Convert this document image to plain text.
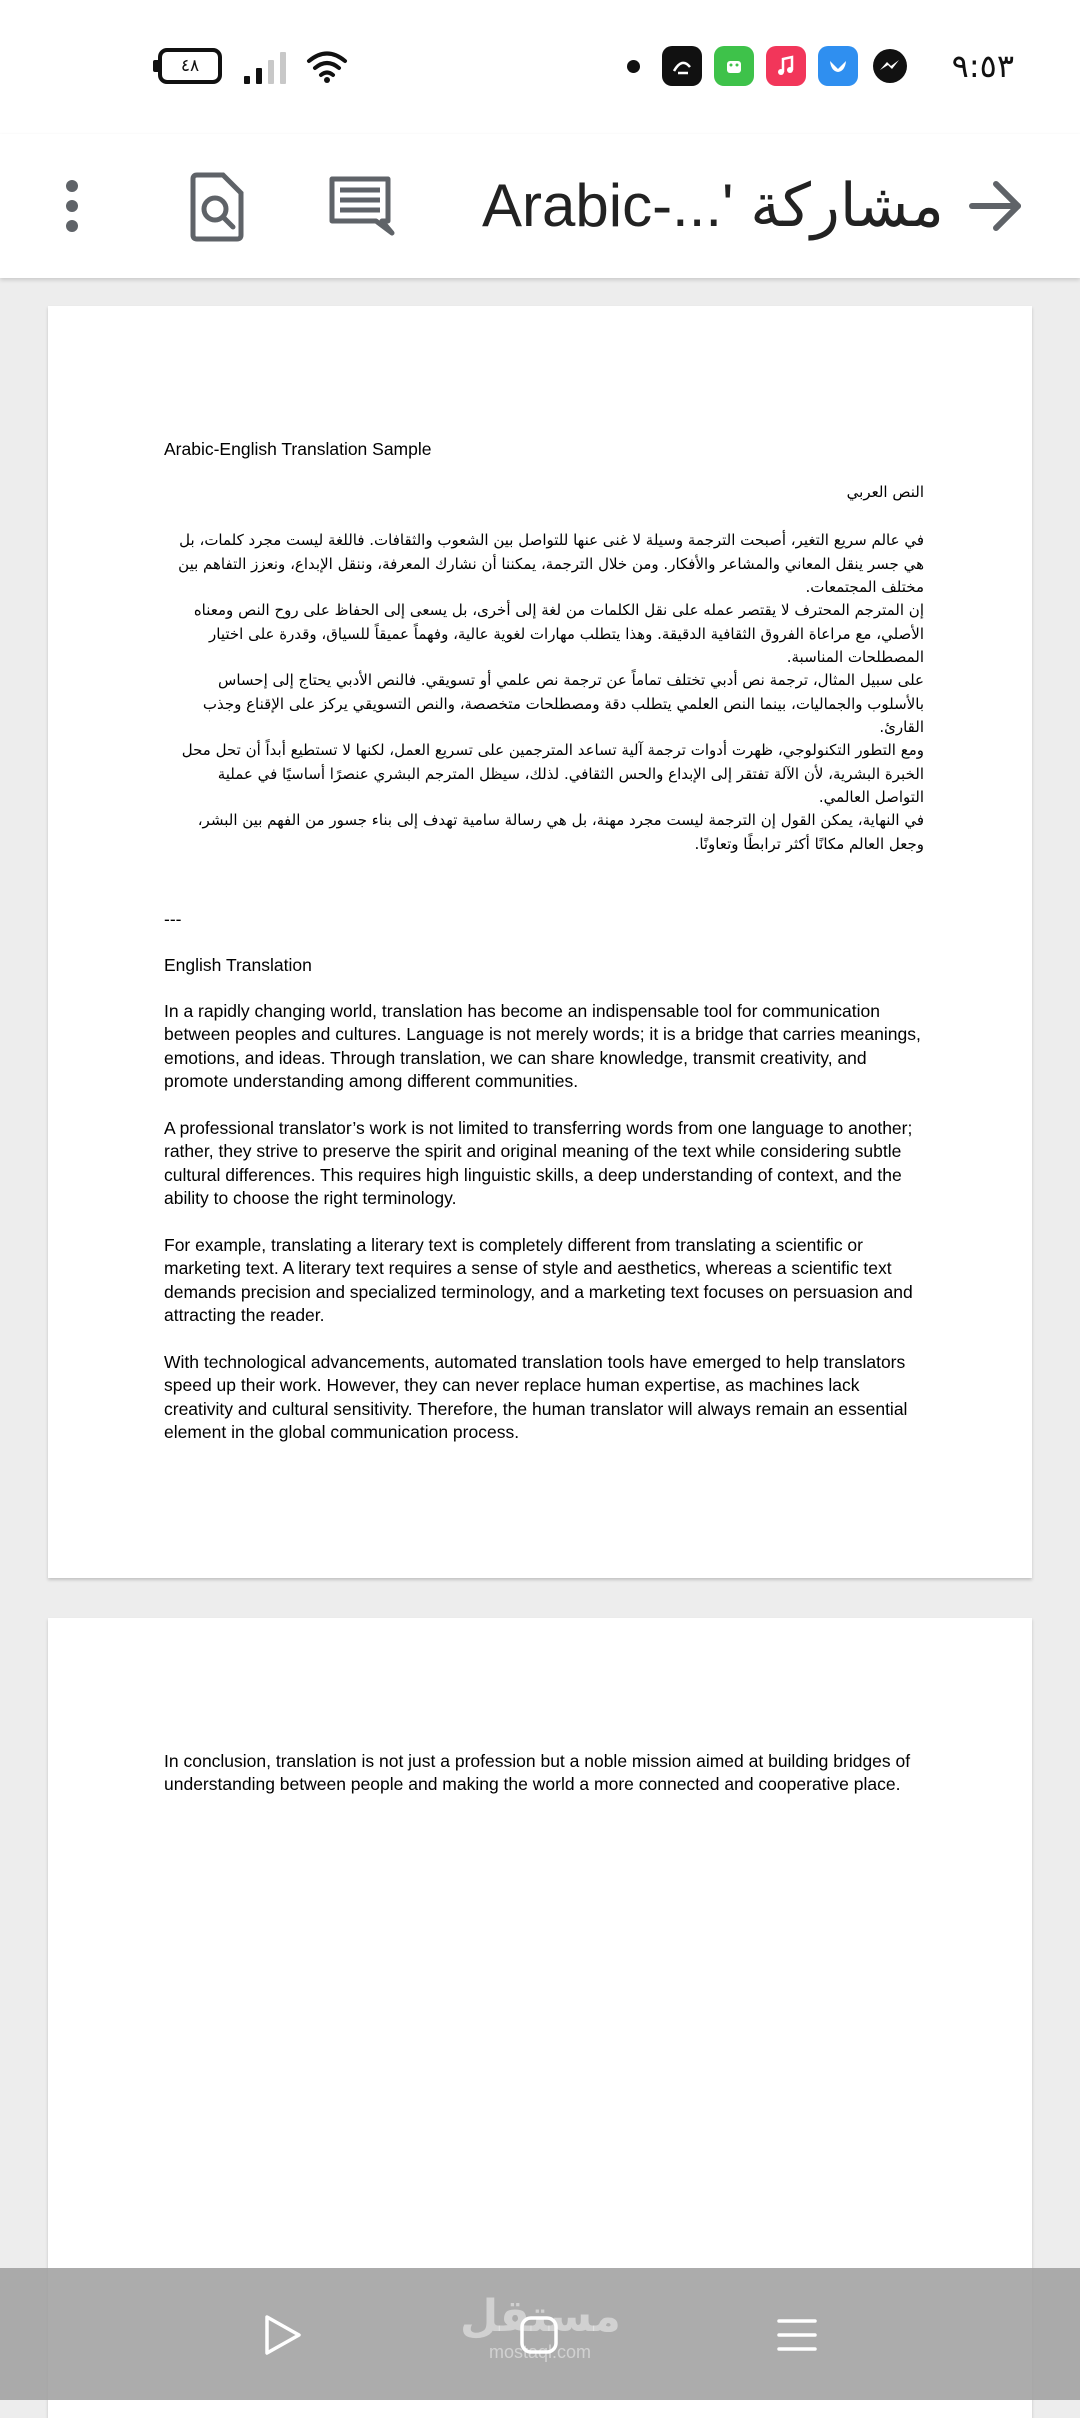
٤٨	٩:٥٣
Arabic-...' مشاركة

Arabic-English Translation Sample

النص العربي

في عالم سريع التغير، أصبحت الترجمة وسيلة لا غنى عنها للتواصل بين الشعوب والثقافات. فاللغة ليست مجرد كلمات، بل هي جسر ينقل المعاني والمشاعر والأفكار. ومن خلال الترجمة، يمكننا أن نشارك المعرفة، وننقل الإبداع، ونعزز التفاهم بين مختلف المجتمعات.

إن المترجم المحترف لا يقتصر عمله على نقل الكلمات من لغة إلى أخرى، بل يسعى إلى الحفاظ على روح النص ومعناه الأصلي، مع مراعاة الفروق الثقافية الدقيقة. وهذا يتطلب مهارات لغوية عالية، وفهماً عميقاً للسياق، وقدرة على اختيار المصطلحات المناسبة.

على سبيل المثال، ترجمة نص أدبي تختلف تماماً عن ترجمة نص علمي أو تسويقي. فالنص الأدبي يحتاج إلى إحساس بالأسلوب والجماليات، بينما النص العلمي يتطلب دقة ومصطلحات متخصصة، والنص التسويقي يركز على الإقناع وجذب القارئ.

ومع التطور التكنولوجي، ظهرت أدوات ترجمة آلية تساعد المترجمين على تسريع العمل، لكنها لا تستطيع أبداً أن تحل محل الخبرة البشرية، لأن الآلة تفتقر إلى الإبداع والحس الثقافي. لذلك، سيظل المترجم البشري عنصرًا أساسيًا في عملية التواصل العالمي.

في النهاية، يمكن القول إن الترجمة ليست مجرد مهنة، بل هي رسالة سامية تهدف إلى بناء جسور من الفهم بين البشر، وجعل العالم مكانًا أكثر ترابطًا وتعاونًا.

---

English Translation

In a rapidly changing world, translation has become an indispensable tool for communication between peoples and cultures. Language is not merely words; it is a bridge that carries meanings, emotions, and ideas. Through translation, we can share knowledge, transmit creativity, and promote understanding among different communities.

A professional translator’s work is not limited to transferring words from one language to another; rather, they strive to preserve the spirit and original meaning of the text while considering subtle cultural differences. This requires high linguistic skills, a deep understanding of context, and the ability to choose the right terminology.

For example, translating a literary text is completely different from translating a scientific or marketing text. A literary text requires a sense of style and aesthetics, whereas a scientific text demands precision and specialized terminology, and a marketing text focuses on persuasion and attracting the reader.

With technological advancements, automated translation tools have emerged to help translators speed up their work. However, they can never replace human expertise, as machines lack creativity and cultural sensitivity. Therefore, the human translator will always remain an essential element in the global communication process.

In conclusion, translation is not just a profession but a noble mission aimed at building bridges of understanding between people and making the world a more connected and cooperative place.

مستقل
mostaql.com
